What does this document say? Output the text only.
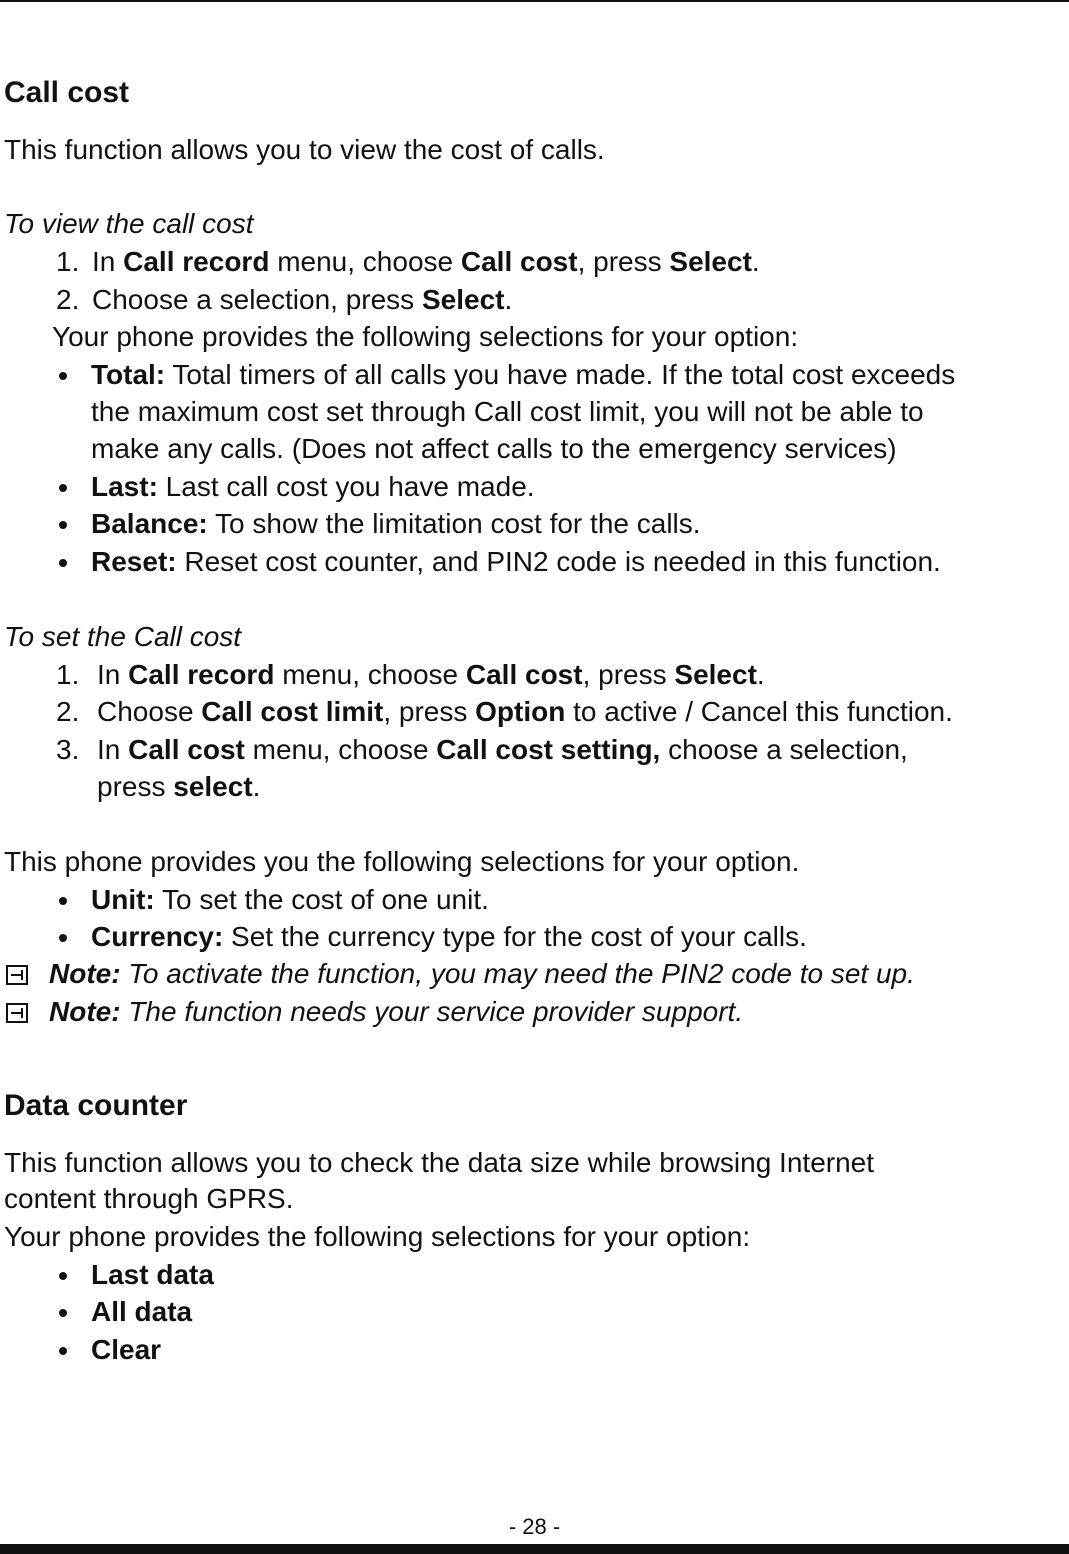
Call cost
This function allows you to view the cost of calls.
To view the call cost
1. In Call record menu, choose Call cost, press Select.
2. Choose a selection, press Select.
Your phone provides the following selections for your option:
Total: Total timers of all calls you have made. If the total cost exceeds
the maximum cost set through Call cost limit, you will not be able to
make any calls. (Does not affect calls to the emergency services)
Last: Last call cost you have made.
Balance: To show the limitation cost for the calls.
Reset: Reset cost counter, and PIN2 code is needed in this function.
To set the Call cost
1. In Call record menu, choose Call cost, press Select.
2. Choose Call cost limit, press Option to active / Cancel this function.
3. In Call cost menu, choose Call cost setting, choose a selection,
press select.
This phone provides you the following selections for your option.
Unit: To set the cost of one unit.
Currency: Set the currency type for the cost of your calls.
Note: To activate the function, you may need the PIN2 code to set up.
Note: The function needs your service provider support.
Data counter
This function allows you to check the data size while browsing Internet
content through GPRS.
Your phone provides the following selections for your option:
Last data
All data
Clear
- 28 -
